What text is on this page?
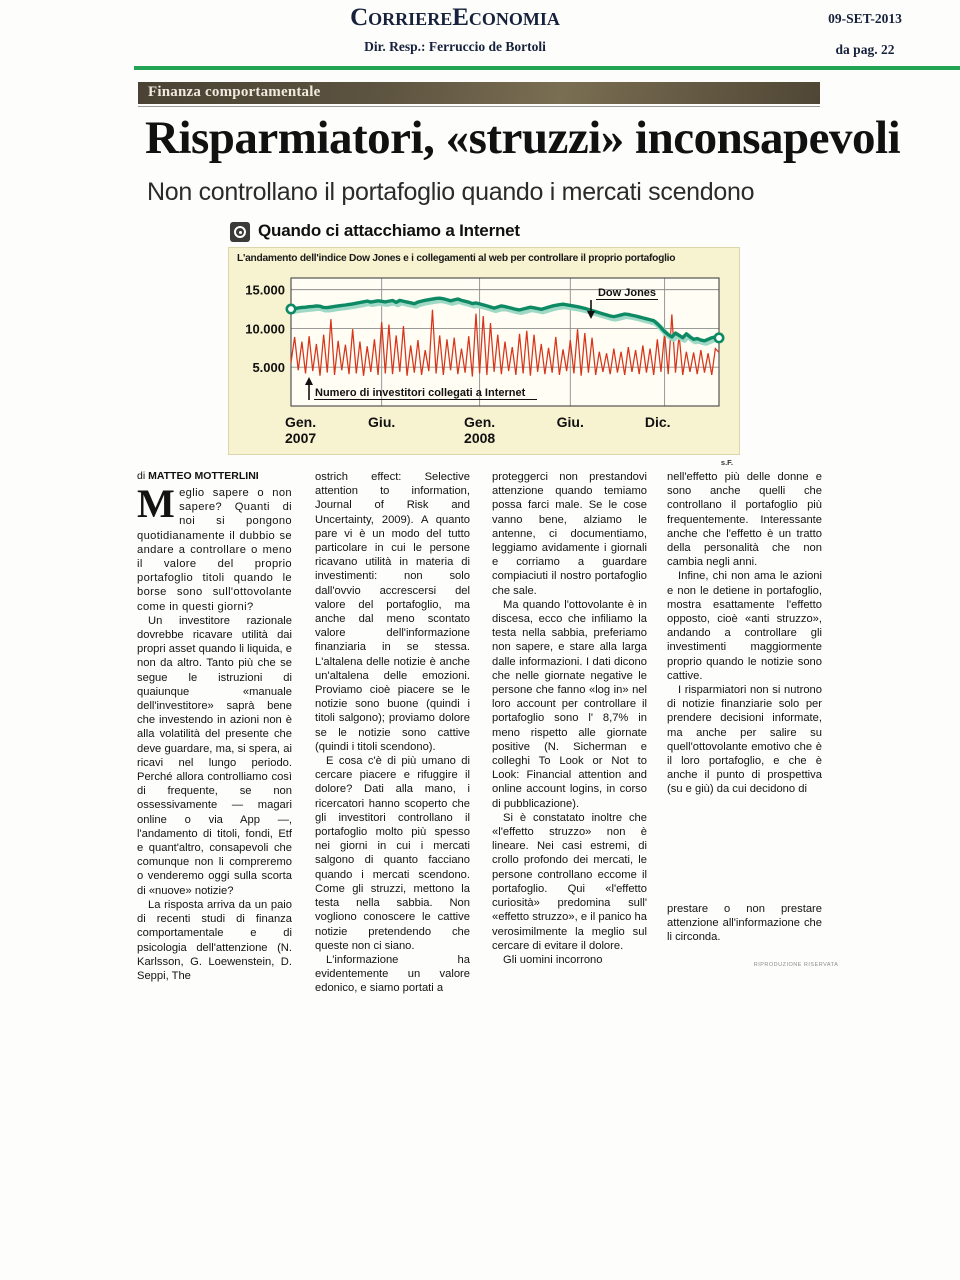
CorriereEconomia
Dir. Resp.: Ferruccio de Bortoli
09-SET-2013
da pag. 22
Finanza comportamentale
Risparmiatori, «struzzi» inconsapevoli
Non controllano il portafoglio quando i mercati scendono
Quando ci attacchiamo a Internet
L'andamento dell'indice Dow Jones e i collegamenti al web per controllare il proprio portafoglio
5.000
10.000
15.000	Dow Jones
Numero di investitori collegati a Internet
Gen.
2007
Giu.	Gen.
2008
Giu.	Dic.
s.F.
di MATTEO MOTTERLINI

Meglio sapere o non sapere? Quanti di noi si pongono quotidianamente il dubbio se andare a controllare o meno il valore del proprio portafoglio titoli quando le borse sono sull'ottovolante come in questi giorni?

Un investitore razionale dovrebbe ricavare utilità dai propri asset quando li liquida, e non da altro. Tanto più che se segue le istruzioni di quaiunque «manuale dell'investitore» saprà bene che investendo in azioni non è alla volatilità del presente che deve guardare, ma, si spera, ai ricavi nel lungo periodo. Perché allora controlliamo così di frequente, se non ossessivamente — magari online o via App —, l'andamento di titoli, fondi, Etf e quant'altro, consapevoli che comunque non li compreremo o venderemo oggi sulla scorta di «nuove» notizie?

La risposta arriva da un paio di recenti studi di finanza comportamentale e di psicologia dell'attenzione (N. Karlsson, G. Loewenstein, D. Seppi, The

ostrich effect: Selective attention to information, Journal of Risk and Uncertainty, 2009). A quanto pare vi è un modo del tutto particolare in cui le persone ricavano utilità in materia di investimenti: non solo dall'ovvio accrescersi del valore del portafoglio, ma anche dal meno scontato valore dell'informazione finanziaria in se stessa. L'altalena delle notizie è anche un'altalena delle emozioni. Proviamo cioè piacere se le notizie sono buone (quindi i titoli salgono); proviamo dolore se le notizie sono cattive (quindi i titoli scendono).

E cosa c'è di più umano di cercare piacere e rifuggire il dolore? Dati alla mano, i ricercatori hanno scoperto che gli investitori controllano il portafoglio molto più spesso nei giorni in cui i mercati salgono di quanto facciano quando i mercati scendono. Come gli struzzi, mettono la testa nella sabbia. Non vogliono conoscere le cattive notizie pretendendo che queste non ci siano.

L'informazione ha evidentemente un valore edonico, e siamo portati a

proteggerci non prestandovi attenzione quando temiamo possa farci male. Se le cose vanno bene, alziamo le antenne, ci documentiamo, leggiamo avidamente i giornali e corriamo a guardare compiaciuti il nostro portafoglio che sale.

Ma quando l'ottovolante è in discesa, ecco che infiliamo la testa nella sabbia, preferiamo non sapere, e stare alla larga dalle informazioni. I dati dicono che nelle giornate negative le persone che fanno «log in» nel loro account per controllare il portafoglio sono l' 8,7% in meno rispetto alle giornate positive (N. Sicherman e colleghi To Look or Not to Look: Financial attention and online account logins, in corso di pubblicazione).

Si è constatato inoltre che «l'effetto struzzo» non è lineare. Nei casi estremi, di crollo profondo dei mercati, le persone controllano eccome il portafoglio. Qui «l'effetto curiosità» predomina sull' «effetto struzzo», e il panico ha verosimilmente la meglio sul cercare di evitare il dolore.

Gli uomini incorrono

nell'effetto più delle donne e sono anche quelli che controllano il portafoglio più frequentemente. Interessante anche che l'effetto è un tratto della personalità che non cambia negli anni.

Infine, chi non ama le azioni e non le detiene in portafoglio, mostra esattamente l'effetto opposto, cioè «anti struzzo», andando a controllare gli investimenti maggiormente proprio quando le notizie sono cattive.

I risparmiatori non si nutrono di notizie finanziarie solo per prendere decisioni informate, ma anche per salire su quell'ottovolante emotivo che è il loro portafoglio, e che è anche il punto di prospettiva (su e giù) da cui decidono di

prestare o non prestare attenzione all'informazione che li circonda.
RIPRODUZIONE RISERVATA
